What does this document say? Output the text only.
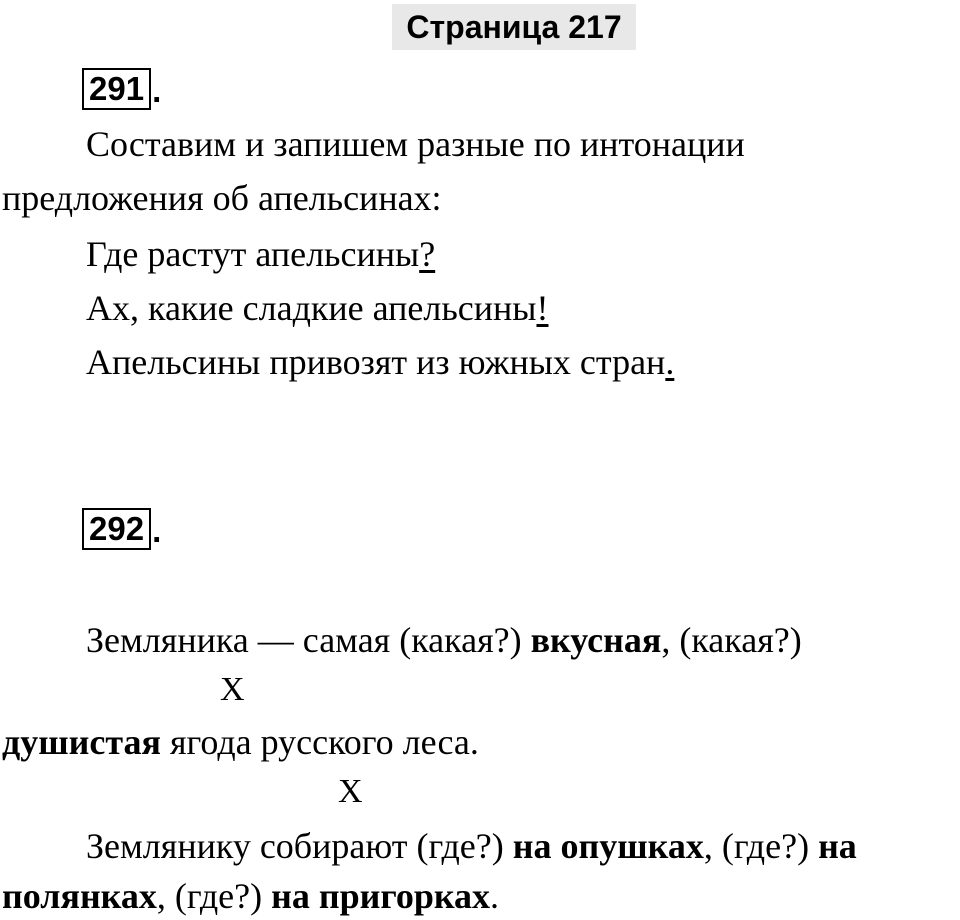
Страница 217
291 .
Составим и запишем разные по интонации
предложения об апельсинах:
Где растут апельсины?
Ах, какие сладкие апельсины!
Апельсины привозят из южных стран.
292 .
Земляника — самая (какая?) вкусная, (какая?)
X
душистая ягода русского леса.
X
Землянику собирают (где?) на опушках, (где?) на
полянках, (где?) на пригорках.
